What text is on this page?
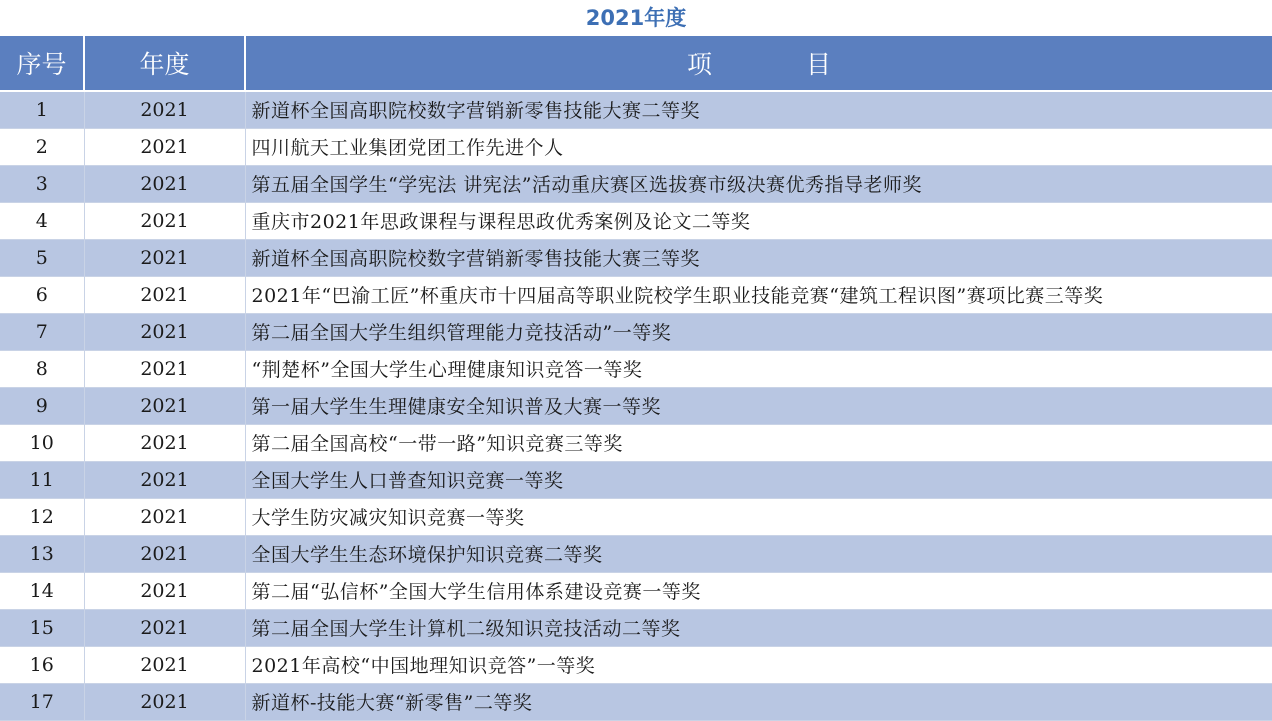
2021年度
序号	年度	项 目
1	2021	新道杯全国高职院校数字营销新零售技能大赛二等奖
2	2021	四川航天工业集团党团工作先进个人
3	2021	第五届全国学生“学宪法 讲宪法”活动重庆赛区选拔赛市级决赛优秀指导老师奖
4	2021	重庆市2021年思政课程与课程思政优秀案例及论文二等奖
5	2021	新道杯全国高职院校数字营销新零售技能大赛三等奖
6	2021	2021年“巴渝工匠”杯重庆市十四届高等职业院校学生职业技能竞赛“建筑工程识图”赛项比赛三等奖
7	2021	第二届全国大学生组织管理能力竞技活动”一等奖
8	2021	“荆楚杯”全国大学生心理健康知识竞答一等奖
9	2021	第一届大学生生理健康安全知识普及大赛一等奖
10	2021	第二届全国高校“一带一路”知识竞赛三等奖
11	2021	全国大学生人口普查知识竞赛一等奖
12	2021	大学生防灾减灾知识竞赛一等奖
13	2021	全国大学生生态环境保护知识竞赛二等奖
14	2021	第二届“弘信杯”全国大学生信用体系建设竞赛一等奖
15	2021	第二届全国大学生计算机二级知识竞技活动二等奖
16	2021	2021年高校“中国地理知识竞答”一等奖
17	2021	新道杯-技能大赛“新零售”二等奖
